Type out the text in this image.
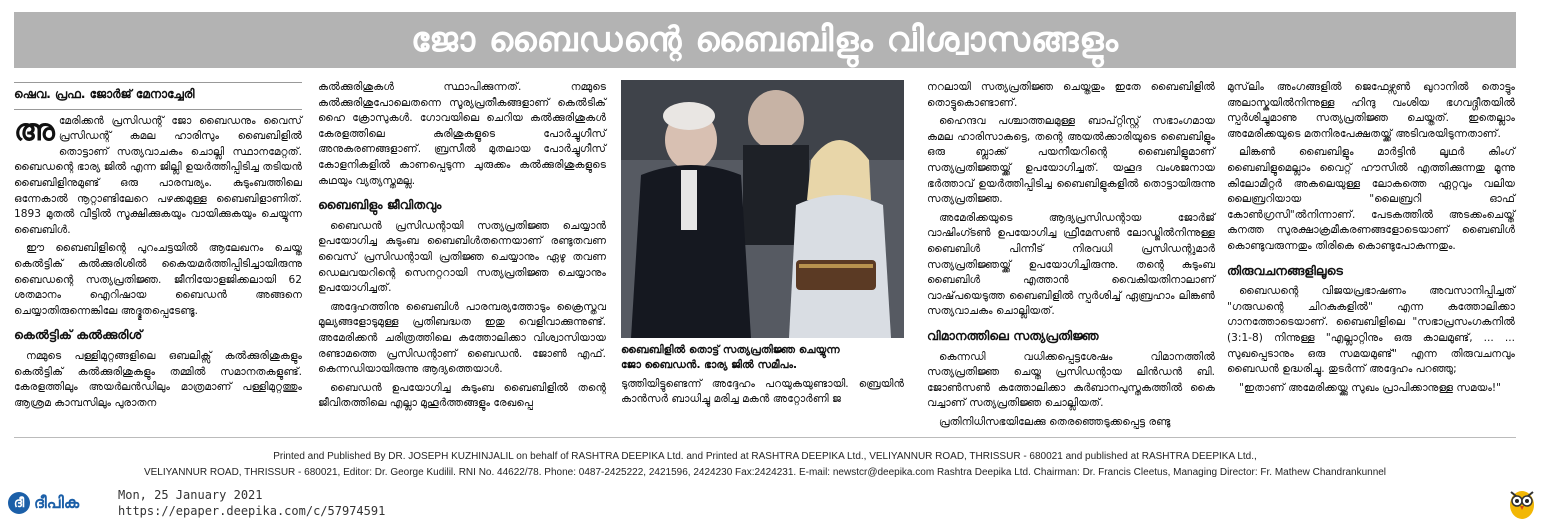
ജോ ബൈഡന്റെ ബൈബിളും വിശ്വാസങ്ങളും
ഷെവ. പ്രഫ. ജോർജ് മേനാച്ചേരി

അ മേരിക്കൻ പ്രസിഡന്റ് ജോ ബൈഡനും വൈസ് പ്രസിഡന്റ് കമല ഹാരിസും ബൈബിളിൽ തൊട്ടാണ് സത്യവാചകം ചൊല്ലി സ്ഥാനമേറ്റത്. ബൈഡന്റെ ഭാര്യ ജിൽ എന്ന ജില്ലി ഉയർത്തിപ്പിടിച്ച തടിയൻ ബൈബിളിനുമുണ്ട് ഒരു പാരമ്പര്യം. കുടുംബത്തിലെ ഒന്നേകാൽ നൂറ്റാണ്ടിലേറെ പഴക്കമുള്ള ബൈബിളാണിത്. 1893 മുതൽ വീട്ടിൽ സൂക്ഷിക്കുകയും വായിക്കുകയും ചെയ്യുന്ന ബൈബിൾ.

ഈ ബൈബിളിന്റെ പുറംചട്ടയിൽ ആലേഖനം ചെയ്ത കെൽട്ടിക് കൽക്കുരിശിൽ കൈയമർത്തിപ്പിടിച്ചായിരുന്നു ബൈഡന്റെ സത്യപ്രതിജ്ഞ. ജീനിയോളജിക്കലായി 62 ശതമാനം ഐറിഷായ ബൈഡൻ അങ്ങനെ ചെയ്യാതിരുന്നെങ്കിലേ അദ്ഭുതപ്പെടേണ്ടൂ.

കെൽട്ടിക് കൽക്കുരിശ്

നമ്മുടെ പള്ളിമുറ്റങ്ങളിലെ ഒബലിക്സ് കൽക്കുരിശുകളും കെൽട്ടിക് കൽക്കുരിശുകളും തമ്മിൽ സമാനതകളുണ്ട്. കേരളത്തിലും അയർലൻഡിലും മാത്രമാണ് പള്ളിമുറ്റത്തും ആശ്രമ കാമ്പസിലും പുരാതന

കൽക്കുരിശുകൾ സ്ഥാപിക്കുന്നത്. നമ്മുടെ കൽക്കുരിശുപോലെതന്നെ സൂര്യപ്രതീകങ്ങളാണ് കെൽടിക് ഹൈ ക്രോസുകൾ. ഗോവയിലെ ചെറിയ കൽക്കുരിശുകൾ കേരളത്തിലെ കുരിശുകളുടെ പോർച്ചുഗീസ് അനുകരണങ്ങളാണ്. ബ്രസീൽ മുതലായ പോർച്ചുഗീസ് കോളനികളിൽ കാണപ്പെടുന്ന ചുരുക്കം കൽക്കുരിശുകളുടെ കഥയും വ്യത്യസ്തമല്ല.

ബൈബിളും ജീവിതവും

ബൈഡൻ പ്രസിഡന്റായി സത്യപ്രതിജ്ഞ ചെയ്യാൻ ഉപയോഗിച്ച കുടുംബ ബൈബിൾതന്നെയാണ് രണ്ടുതവണ വൈസ് പ്രസിഡന്റായി പ്രതിജ്ഞ ചെയ്യാനും ഏഴു തവണ ഡെലവയറിന്റെ സെനറ്ററായി സത്യപ്രതിജ്ഞ ചെയ്യാനും ഉപയോഗിച്ചത്.

അദ്ദേഹത്തിനു ബൈബിൾ പാരമ്പര്യത്തോടും ക്രൈസ്തവ മൂല്യങ്ങളോടുമുള്ള പ്രതിബദ്ധത ഇതു വെളിവാക്കുന്നുണ്ട്. അമേരിക്കൻ ചരിത്രത്തിലെ കത്തോലിക്കാ വിശ്വാസിയായ രണ്ടാമത്തെ പ്രസിഡന്റാണ് ബൈഡൻ. ജോൺ എഫ്. കെന്നഡിയായിരുന്നു ആദ്യത്തെയാൾ.

ബൈഡൻ ഉപയോഗിച്ച കുടുംബ ബൈബിളിൽ തന്റെ ജീവിതത്തിലെ എല്ലാ മുഹൂർത്തങ്ങളും രേഖപ്പെ

ബൈബിളിൽ തൊട്ട് സത്യപ്രതിജ്ഞ ചെയ്യുന്ന
ജോ ബൈഡൻ. ഭാര്യ ജിൽ സമീപം.
ടുത്തിയിട്ടുണ്ടെന്ന് അദ്ദേഹം പറയുകയുണ്ടായി. ബ്രെയിൻ കാൻസർ ബാധിച്ചു മരിച്ച മകൻ അറ്റോർണി ജ

നറലായി സത്യപ്രതിജ്ഞ ചെയ്തതും ഇതേ ബൈബിളിൽ തൊട്ടുകൊണ്ടാണ്.

ഹൈന്ദവ പശ്ചാത്തലമുള്ള ബാപ്റ്റിസ്റ്റ് സഭാംഗമായ കമല ഹാരിസാകട്ടെ, തന്റെ അയൽക്കാരിയുടെ ബൈബിളും ഒരു ബ്ലാക്ക് പയനീയറിന്റെ ബൈബിളുമാണ് സത്യപ്രതിജ്ഞയ്ക്ക് ഉപയോഗിച്ചത്. യഹൂദ വംശജനായ ഭർത്താവ് ഉയർത്തിപ്പിടിച്ച ബൈബിളുകളിൽ തൊട്ടായിരുന്നു സത്യപ്രതിജ്ഞ.

അമേരിക്കയുടെ ആദ്യപ്രസിഡന്റായ ജോർജ് വാഷിംഗ്ടൺ ഉപയോഗിച്ച ഫ്രീമേസൺ ലോഡ്ജിൽനിന്നുള്ള ബൈബിൾ പിന്നീട് നിരവധി പ്രസിഡന്റുമാർ സത്യപ്രതിജ്ഞയ്ക്ക് ഉപയോഗിച്ചിരുന്നു. തന്റെ കുടുംബ ബൈബിൾ എത്താൻ വൈകിയതിനാലാണ് വാഷ്‌പയെടുത്ത ബൈബിളിൽ സ്പർശിച്ച് ഏബ്രഹാം ലിങ്കൺ സത്യവാചകം ചൊല്ലിയത്.

വിമാനത്തിലെ സത്യപ്രതിജ്ഞ

കെന്നഡി വധിക്കപ്പെട്ടശേഷം വിമാനത്തിൽ സത്യപ്രതിജ്ഞ ചെയ്ത പ്രസിഡന്റായ ലിൻഡൻ ബി. ജോൺസൺ കത്തോലിക്കാ കുർബാനപുസ്തകത്തിൽ കൈ വച്ചാണ് സത്യപ്രതിജ്ഞ ചൊല്ലിയത്.

പ്രതിനിധിസഭയിലേക്കു തെരഞ്ഞെടുക്കപ്പെട്ട രണ്ടു

മുസ്‌ലിം അംഗങ്ങളിൽ ജെഫേഴ്സൺ ഖുറാനിൽ തൊട്ടും അലാസ്കയിൽനിന്നുള്ള ഹിന്ദു വംശിയ ഭഗവദ്ഗീതയിൽ സ്പർശിച്ചുമാണു സത്യപ്രതിജ്ഞ ചെയ്തത്. ഇതെല്ലാം അമേരിക്കയുടെ മതനിരപേക്ഷതയ്ക്ക് അടിവരയിടുന്നതാണ്.

ലിങ്കൺ ബൈബിളും മാർട്ടിൻ ലൂഥർ കിംഗ് ബൈബിളുമെല്ലാം വൈറ്റ് ഹൗസിൽ എത്തിക്കുന്നതു മൂന്നു കിലോമീറ്റർ അകലെയുള്ള ലോകത്തെ ഏറ്റവും വലിയ ലൈബ്രറിയായ "ലൈബ്രറി ഓഫ് കോൺഗ്രസി"ൽനിന്നാണ്. പേടകത്തിൽ അടക്കംചെയ്ത് കനത്ത സുരക്ഷാക്രമീകരണങ്ങളോടെയാണ് ബൈബിൾ കൊണ്ടുവരുന്നതും തിരികെ കൊണ്ടുപോകുന്നതും.

തിരുവചനങ്ങളിലൂടെ

ബൈഡന്റെ വിജയപ്രഭാഷണം അവസാനിപ്പിച്ചത് "ഗരുഡന്റെ ചിറകുകളിൽ" എന്ന കത്തോലിക്കാ ഗാനത്തോടെയാണ്. ബൈബിളിലെ "സഭാപ്രസംഗകനിൽ (3:1-8) നിന്നുള്ള "എല്ലാറ്റിനും ഒരു കാലമുണ്ട്, ... ... സുഖപ്പെടാനും ഒരു സമയമുണ്ട്" എന്ന തിരുവചനവും ബൈഡൻ ഉദ്ധരിച്ചു. തുടർന്ന് അദ്ദേഹം പറഞ്ഞു;

"ഇതാണ് അമേരിക്കയ്ക്കു സുഖം പ്രാപിക്കാനുള്ള സമയം!"

Printed and Published By DR. JOSEPH KUZHINJALIL on behalf of RASHTRA DEEPIKA Ltd. and Printed at RASHTRA DEEPIKA Ltd., VELIYANNUR ROAD, THRISSUR - 680021 and published at RASHTRA DEEPIKA Ltd.,
VELIYANNUR ROAD, THRISSUR - 680021, Editor: Dr. George Kudilil. RNI No. 44622/78. Phone: 0487-2425222, 2421596, 2424230 Fax:2424231. E-mail: newstcr@deepika.com Rashtra Deepika Ltd. Chairman: Dr. Francis Cleetus, Managing Director: Fr. Mathew Chandrankunnel
ദീ ദീപിക	Mon, 25 January 2021
https://epaper.deepika.com/c/57974591
